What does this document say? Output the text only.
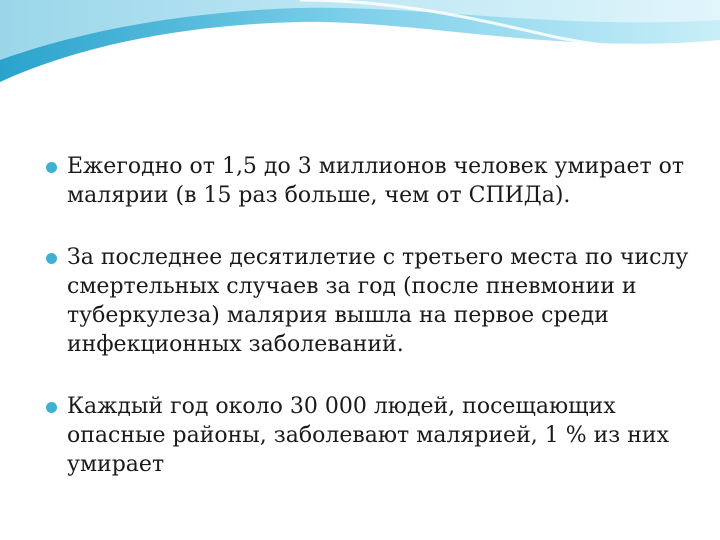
Ежегодно от 1,5 до 3 миллионов человек умирает от малярии (в 15 раз больше, чем от СПИДа).
За последнее десятилетие с третьего места по числу смертельных случаев за год (после пневмонии и туберкулеза) малярия вышла на первое среди инфекционных заболеваний.
Каждый год около 30 000 людей, посещающих опасные районы, заболевают малярией, 1 % из них умирает
